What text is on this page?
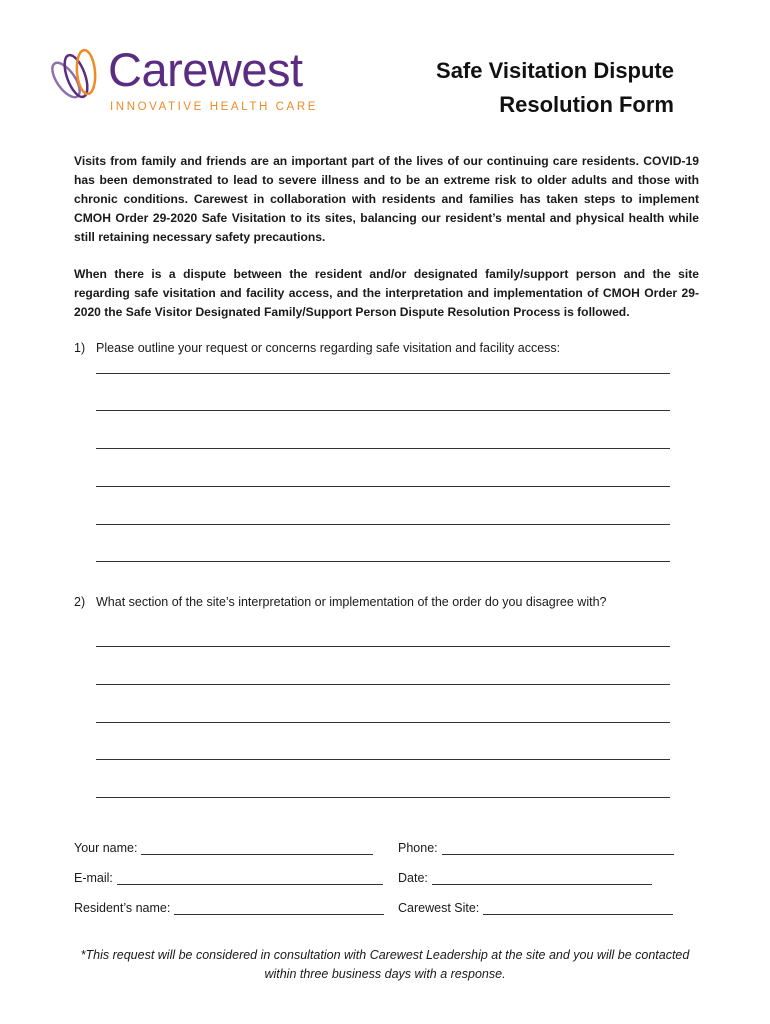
Carewest
INNOVATIVE HEALTH CARE
Safe Visitation Dispute
Resolution Form

Visits from family and friends are an important part of the lives of our continuing care residents. COVID-19 has been demonstrated to lead to severe illness and to be an extreme risk to older adults and those with chronic conditions. Carewest in collaboration with residents and families has taken steps to implement CMOH Order 29-2020 Safe Visitation to its sites, balancing our resident’s mental and physical health while still retaining necessary safety precautions.

When there is a dispute between the resident and/or designated family/support person and the site regarding safe visitation and facility access, and the interpretation and implementation of CMOH Order 29-2020 the Safe Visitor Designated Family/Support Person Dispute Resolution Process is followed.

1) Please outline your request or concerns regarding safe visitation and facility access:

2) What section of the site’s interpretation or implementation of the order do you disagree with?

Your name:	Phone:
E-mail:	Date:
Resident’s name:	Carewest Site:

*This request will be considered in consultation with Carewest Leadership at the site and you will be contacted
within three business days with a response.
